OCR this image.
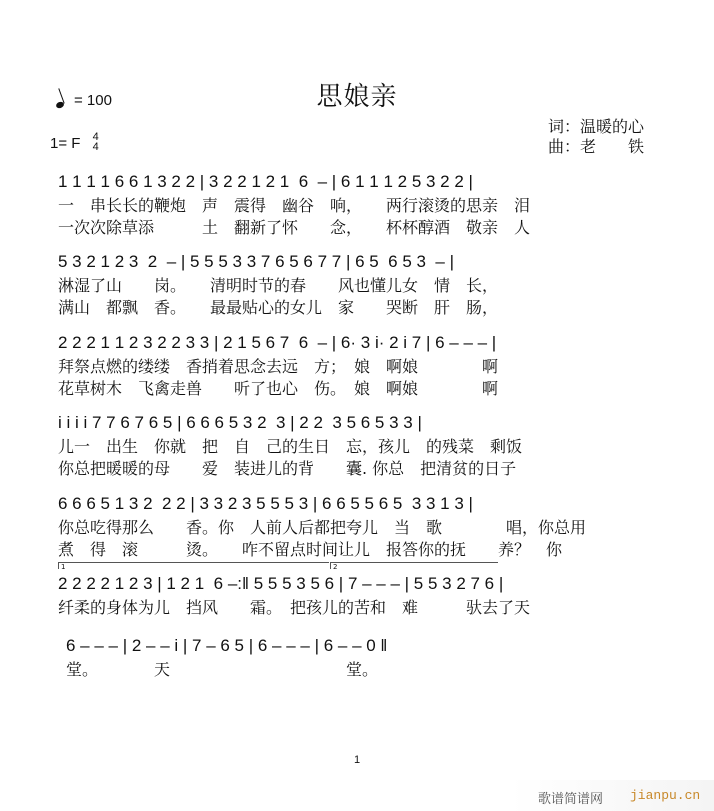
思娘亲
= 100
1= F 4
4
词：温暖的心
曲：老　　铁
1 1 1 1 6 6 1 3 2 2 | 3 2 2 1 2 1  6  – | 6 1 1 1 2 5 3 2 2 |
一　串长长的鞭炮　声　震得　幽谷　响，　　两行滚烫的思亲　泪
一次次除草添　　　土　翻新了怀　　念，　　杯杯醇酒　敬亲　人
5 3 2 1 2 3  2  – | 5 5 5 3 3 7 6 5 6 7 7 | 6 5  6 5 3  – |
淋湿了山　　岗。　　清明时节的春　　风也懂儿女　情　长，
满山　都飘　香。　　最最贴心的女儿　家　　哭断　肝　肠，
2 2 2 1 1 2 3 2 2 3 3 | 2 1 5 6 7  6  – | 6· 3 i· 2 i 7 | 6 – – – |
拜祭点燃的缕缕　香捎着思念去远　方；　娘　啊娘　　　　啊
花草树木　飞禽走兽　　听了也心　伤。　娘　啊娘　　　　啊
i i i i 7 7 6 7 6 5 | 6 6 6 5 3 2  3 | 2 2  3 5 6 5 3 3 |
儿一　出生　你就　把　自　己的生日　忘，孩儿　的残菜　剩饭
你总把暖暖的母　　爱　装进儿的背　　囊. 你总　把清贫的日子
6 6 6 5 1 3 2  2 2 | 3 3 2 3 5 5 5 3 | 6 6 5 5 6 5  3 3 1 3 |
你总吃得那么　　香。你　人前人后都把夸儿　当　歌　　　　唱，你总用
煮　得　滚　　　烫。　　咋不留点时间让儿　报答你的抚　　养？　你
1	2
2 2 2 2 1 2 3 | 1 2 1  6 –:‖ 5 5 5 3 5 6 | 7 – – – | 5 5 3 2 7 6 |
纤柔的身体为儿　挡风　　霜。　把孩儿的苦和　难　　　驮去了天
6 – – – | 2 – – i | 7 – 6 5 | 6 – – – | 6 – – 0 ‖
堂。　　　　天　　　　　　　　　　　堂。
1
歌谱简谱网 jianpu.cn
